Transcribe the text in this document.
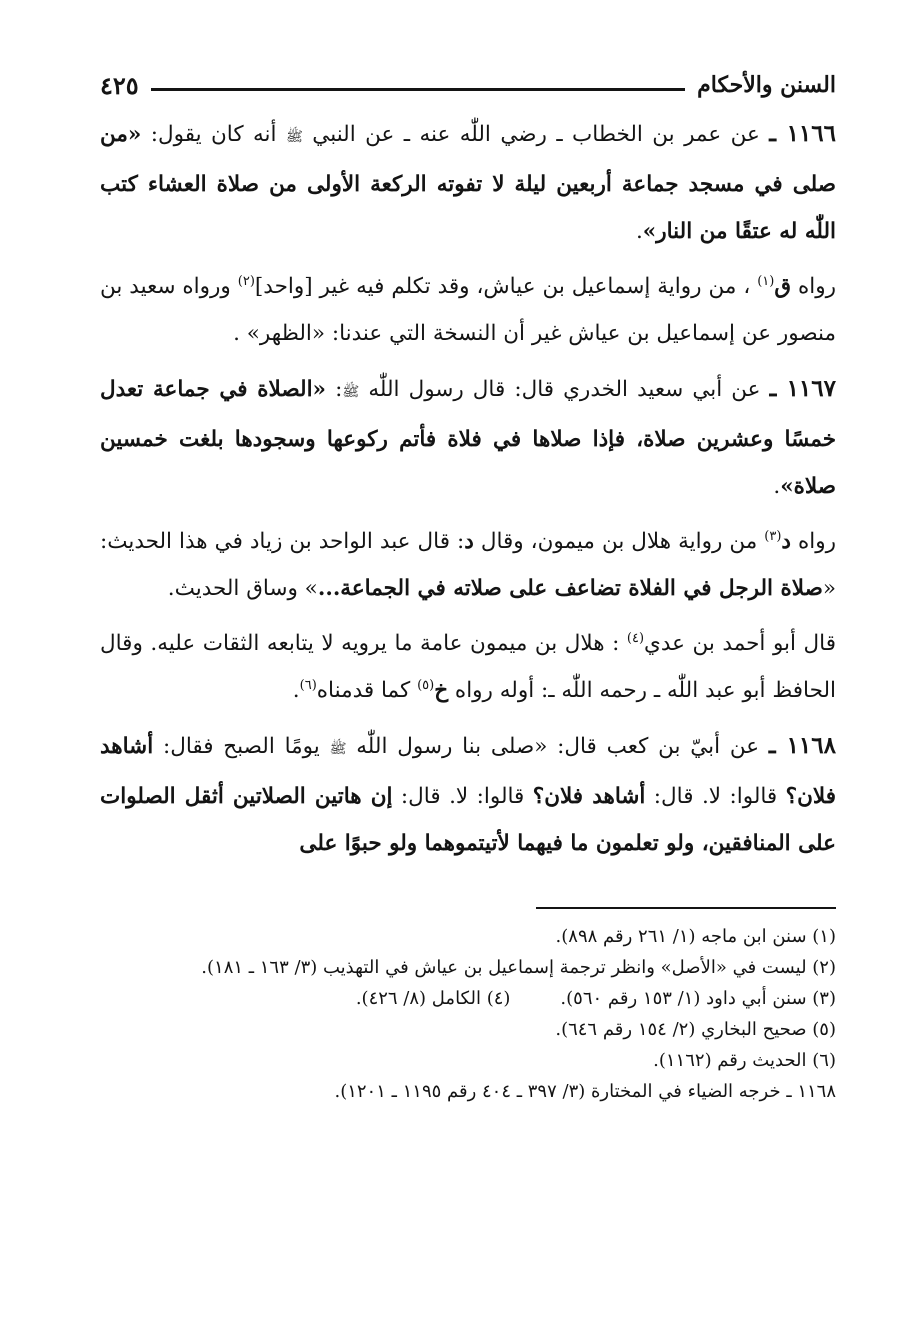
السنن والأحكام
٤٢٥

١١٦٦ ـ عن عمر بن الخطاب ـ رضي اللّٰه عنه ـ عن النبي ﷺ أنه كان يقول: «من صلى في مسجد جماعة أربعين ليلة لا تفوته الركعة الأولى من صلاة العشاء كتب اللّٰه له عتقًا من النار».

رواه ق$^{(١)}$ ، من رواية إسماعيل بن عياش، وقد تكلم فيه غير [واحد]$^{(٢)}$ ورواه سعيد بن منصور عن إسماعيل بن عياش غير أن النسخة التي عندنا: «الظهر» .

١١٦٧ ـ عن أبي سعيد الخدري قال: قال رسول اللّٰه ﷺ: «الصلاة في جماعة تعدل خمسًا وعشرين صلاة، فإذا صلاها في فلاة فأتم ركوعها وسجودها بلغت خمسين صلاة».

رواه د$^{(٣)}$ من رواية هلال بن ميمون، وقال د: قال عبد الواحد بن زياد في هذا الحديث: «صلاة الرجل في الفلاة تضاعف على صلاته في الجماعة...» وساق الحديث.

قال أبو أحمد بن عدي$^{(٤)}$ : هلال بن ميمون عامة ما يرويه لا يتابعه الثقات عليه. وقال الحافظ أبو عبد اللّٰه ـ رحمه اللّٰه ـ: أوله رواه خ$^{(٥)}$ كما قدمناه$^{(٦)}$.

١١٦٨ ـ عن أبيّ بن كعب قال: «صلى بنا رسول اللّٰه ﷺ يومًا الصبح فقال: أشاهد فلان؟ قالوا: لا. قال: أشاهد فلان؟ قالوا: لا. قال: إن هاتين الصلاتين أثقل الصلوات على المنافقين، ولو تعلمون ما فيهما لأتيتموهما ولو حبوًا على

(١) سنن ابن ماجه (١/ ٢٦١ رقم ٨٩٨).
(٢) ليست في «الأصل» وانظر ترجمة إسماعيل بن عياش في التهذيب (٣/ ١٦٣ ـ ١٨١).
(٣) سنن أبي داود (١/ ١٥٣ رقم ٥٦٠).
(٤) الكامل (٨/ ٤٢٦).
(٥) صحيح البخاري (٢/ ١٥٤ رقم ٦٤٦).
(٦) الحديث رقم (١١٦٢).
١١٦٨ ـ خرجه الضياء في المختارة (٣/ ٣٩٧ ـ ٤٠٤ رقم ١١٩٥ ـ ١٢٠١).
